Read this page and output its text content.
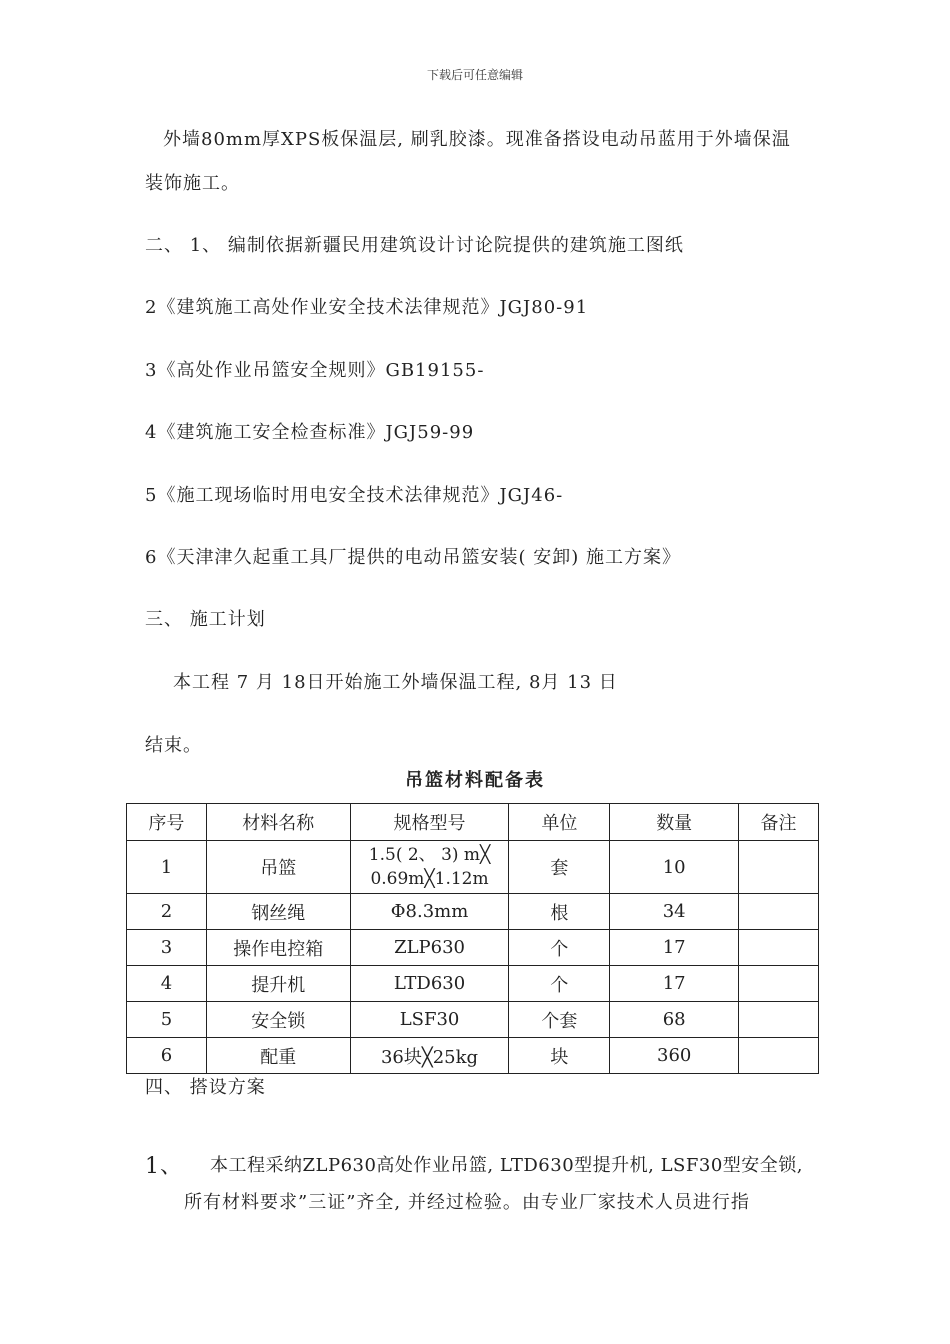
下载后可任意编辑
外墙80mm厚XPS板保温层, 刷乳胶漆。现准备搭设电动吊蓝用于外墙保温
装饰施工。
二、 1、 编制依据新疆民用建筑设计讨论院提供的建筑施工图纸
2《建筑施工高处作业安全技术法律规范》JGJ80-91
3《高处作业吊篮安全规则》GB19155-
4《建筑施工安全检查标准》JGJ59-99
5《施工现场临时用电安全技术法律规范》JGJ46-
6《天津津久起重工具厂提供的电动吊篮安装( 安卸) 施工方案》
三、 施工计划
本工程 7 月 18日开始施工外墙保温工程, 8月 13 日
结束。
吊篮材料配备表
序号	材料名称	规格型号	单位	数量	备注
1	吊篮	1.5( 2、 3) m╳
0.69m╳1.12m	套	10	
2	钢丝绳	Φ8.3mm	根	34	
3	操作电控箱	ZLP630	个	17	
4	提升机	LTD630	个	17	
5	安全锁	LSF30	个套	68	
6	配重	36块╳25kg	块	360	
四、 搭设方案
1、 本工程采纳ZLP630高处作业吊篮, LTD630型提升机, LSF30型安全锁,
所有材料要求”三证”齐全, 并经过检验。由专业厂家技术人员进行指
